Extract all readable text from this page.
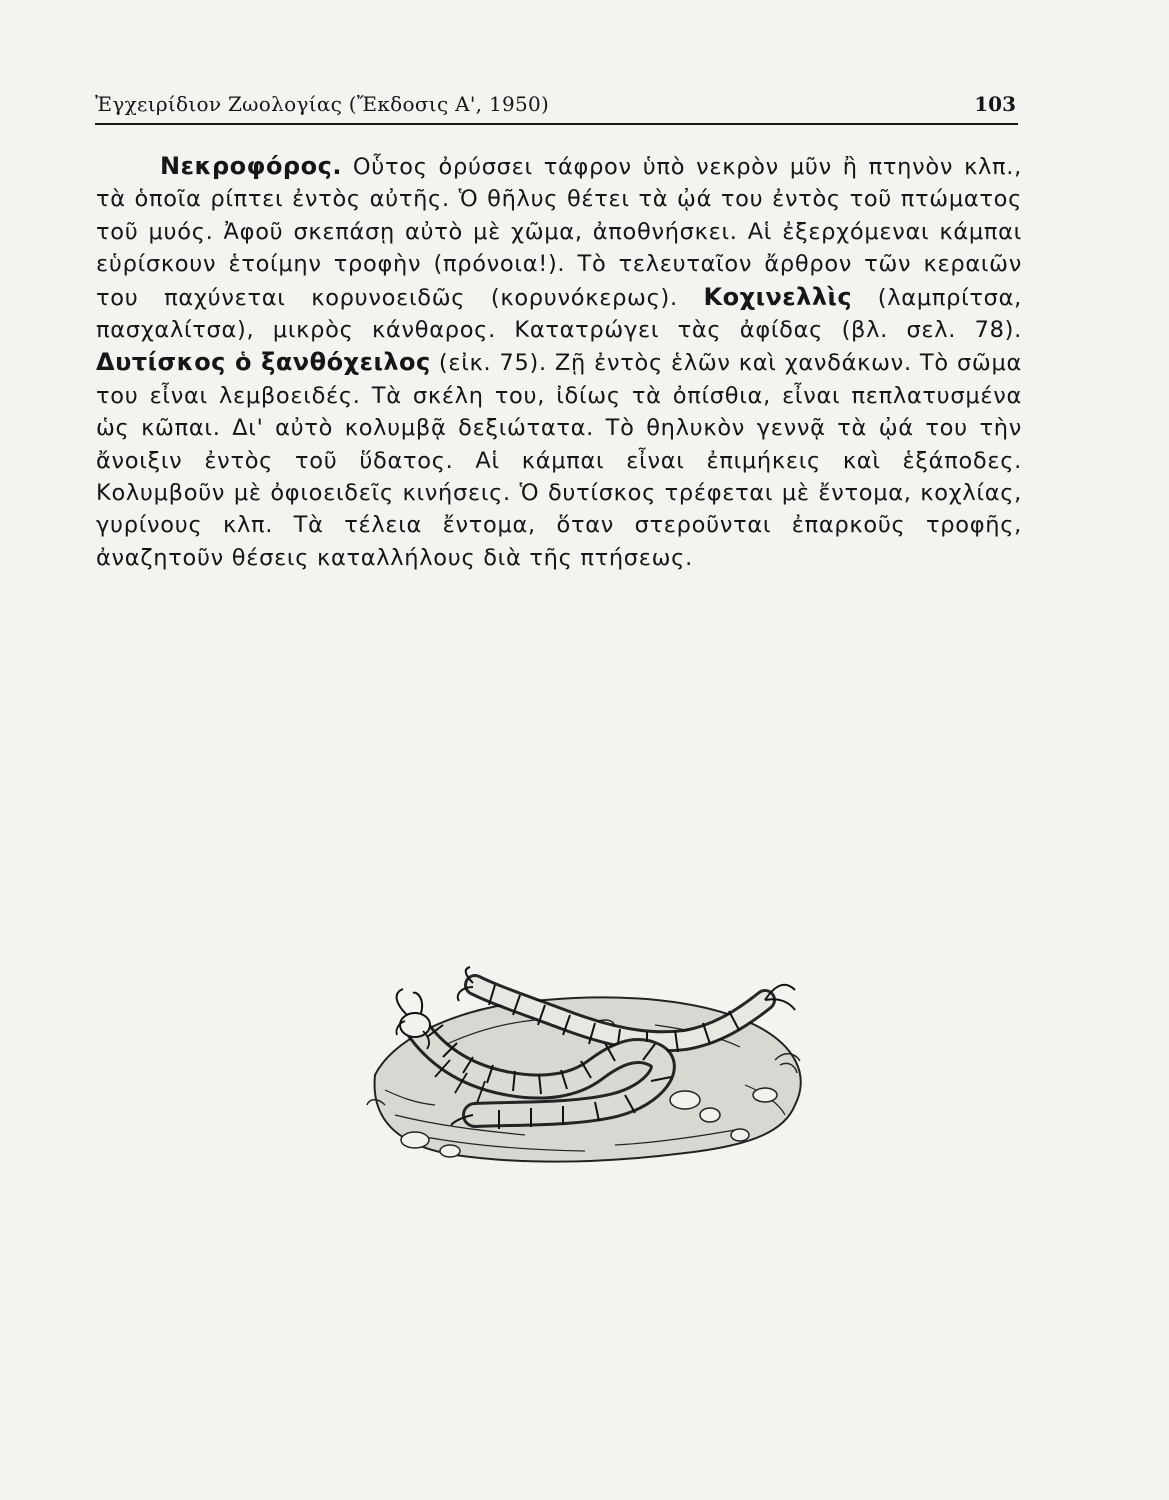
Ἐγχειρίδιον Ζωολογίας (Ἔκδοσις Α', 1950)	103

Νεκροφόρος. Οὗτος ὀρύσσει τάφρον ὑπὸ νεκρὸν μῦν ἢ πτηνὸν κλπ., τὰ ὁποῖα ρίπτει ἐντὸς αὐτῆς. Ὁ θῆλυς θέτει τὰ ᾠά του ἐντὸς τοῦ πτώματος τοῦ μυός. Ἀφοῦ σκεπάσῃ αὐτὸ μὲ χῶμα, ἀποθνήσκει. Αἱ ἐξερχόμεναι κάμπαι εὑρίσκουν ἑτοίμην τροφὴν (πρόνοια!). Τὸ τελευταῖον ἄρθρον τῶν κεραιῶν του παχύνεται κορυνοειδῶς (κορυνόκερως). Κοχινελλὶς (λαμπρίτσα, πασχαλίτσα), μικρὸς κάνθαρος. Κατατρώγει τὰς ἀφίδας (βλ. σελ. 78). Δυτίσκος ὁ ξανθόχειλος (εἰκ. 75). Ζῇ ἐντὸς ἑλῶν καὶ χανδάκων. Τὸ σῶμα του εἶναι λεμβοειδές. Τὰ σκέλη του, ἰδίως τὰ ὀπίσθια, εἶναι πεπλατυσμένα ὡς κῶπαι. Δι' αὐτὸ κολυμβᾷ δεξιώτατα. Τὸ θηλυκὸν γεννᾷ τὰ ᾠά του τὴν ἄνοιξιν ἐντὸς τοῦ ὕδατος. Αἱ κάμπαι εἶναι ἐπιμήκεις καὶ ἑξάποδες. Κολυμβοῦν μὲ ὀφιοειδεῖς κινήσεις. Ὁ δυτίσκος τρέφεται μὲ ἔντομα, κοχλίας, γυρίνους κλπ. Τὰ τέλεια ἔντομα, ὅταν στεροῦνται ἐπαρκοῦς τροφῆς, ἀναζητοῦν θέσεις καταλλήλους διὰ τῆς πτήσεως.
